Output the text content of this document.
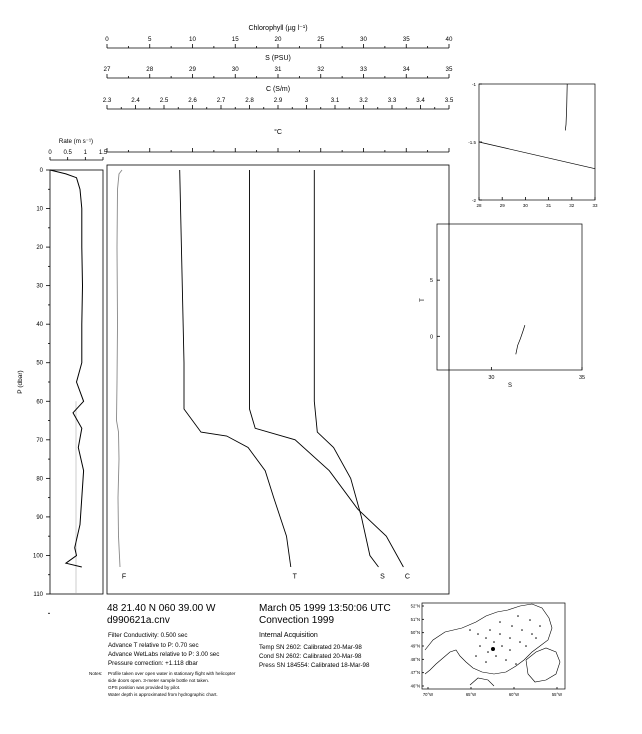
Chlorophyll (µg l⁻¹)
0	5	10	15	20	25	30	35	40
S (PSU)
27	28	29	30	31	32	33	34	35
C (S/m)
2.3	2.4	2.5	2.6	2.7	2.8	2.9	3	3.1	3.2	3.3	3.4	3.5
°C
Rate (m s⁻¹)
0 0.5 1 1.5
0
10
20
30
40
50
60
70
80
90
100
110
P (dbar)
F	T	C
S
28	29	30	31	32	33
-1
-1.5
-2
30	35
0
5
S
T
52°N
51°N
50°N
49°N
48°N
47°N
46°N
70°W	65°W	60°W	55°W
48 21.40 N 060 39.00 W
d990621a.cnv
March 05 1999 13:50:06 UTC
Convection 1999
Filter Conductivity: 0.500 sec
Advance T relative to P: 0.70 sec
Advance WetLabs relative to P: 3.00 sec
Pressure correction: +1.118 dbar
Internal Acquisition
Temp SN 2602: Calibrated 20-Mar-98
Cond SN 2602: Calibrated 20-Mar-98
Press SN 184554: Calibrated 18-Mar-98
Notes: Profile taken over open water in stationary flight with helicopter
side doors open. 3-meter sample bottle not taken.
GPS position was provided by pilot.
Water depth is approximated from hydrographic chart.
